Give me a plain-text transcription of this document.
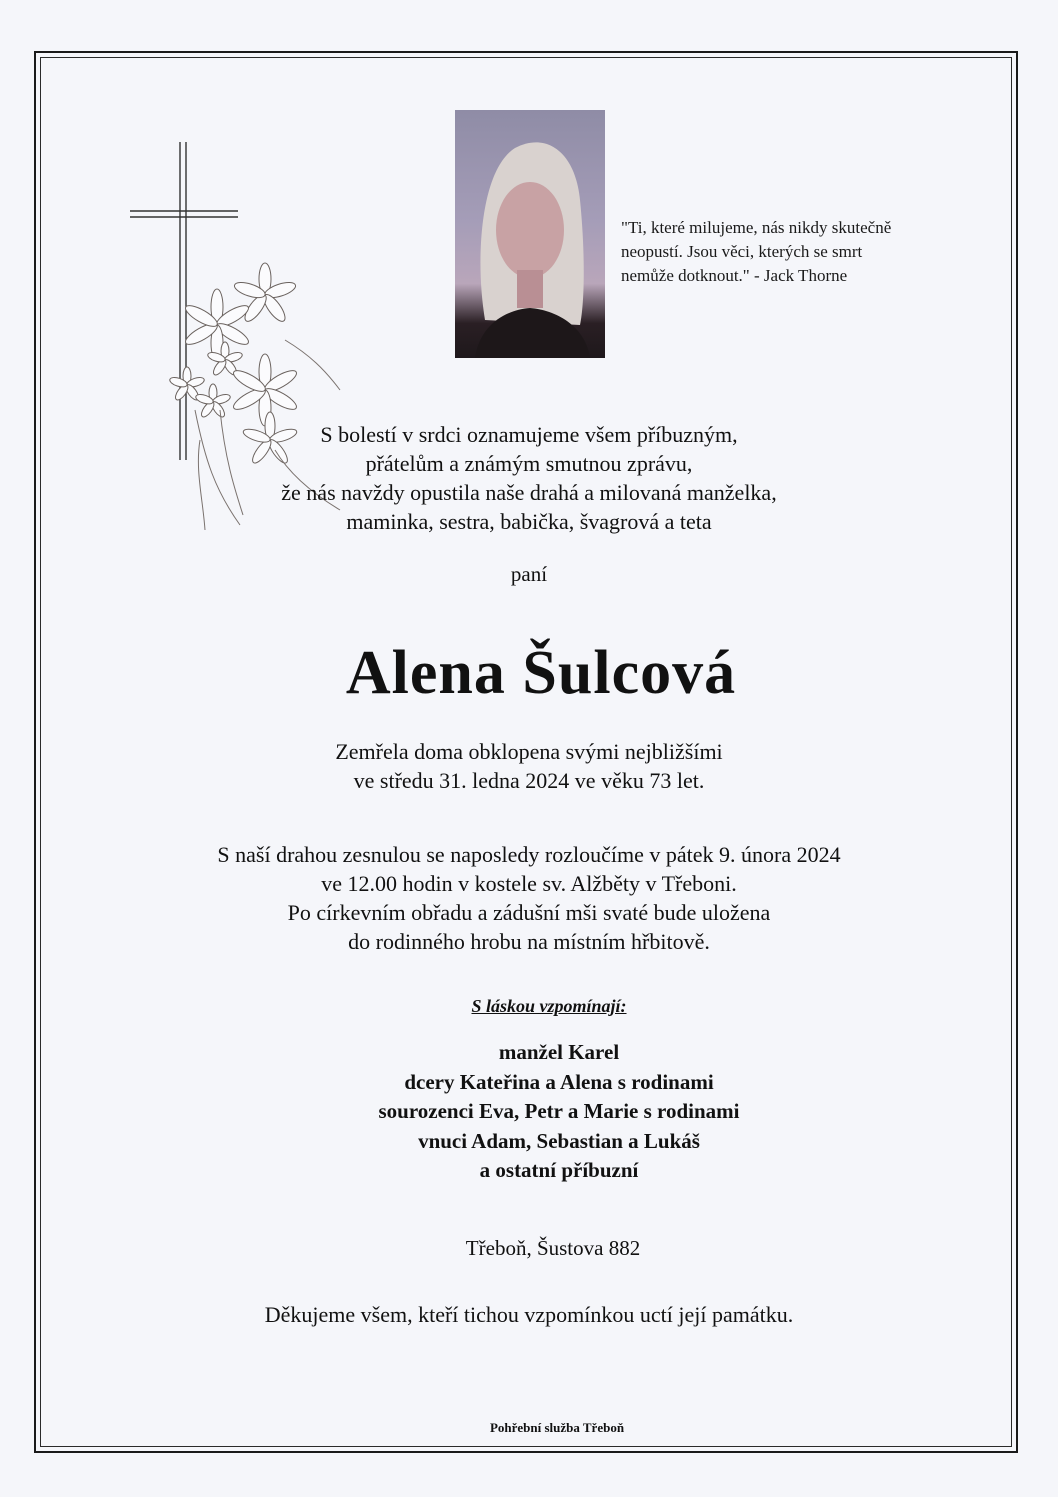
"Ti, které milujeme, nás nikdy skutečně
neopustí. Jsou věci, kterých se smrt
nemůže dotknout." - Jack Thorne
S bolestí v srdci oznamujeme všem příbuzným,
přátelům a známým smutnou zprávu,
že nás navždy opustila naše drahá a milovaná manželka,
maminka, sestra, babička, švagrová a teta
paní
Alena Šulcová
Zemřela doma obklopena svými nejbližšími
ve středu 31. ledna 2024 ve věku 73 let.
S naší drahou zesnulou se naposledy rozloučíme v pátek 9. února 2024
ve 12.00 hodin v kostele sv. Alžběty v Třeboni.
Po církevním obřadu a zádušní mši svaté bude uložena
do rodinného hrobu na místním hřbitově.
S láskou vzpomínají:
manžel Karel
dcery Kateřina a Alena s rodinami
sourozenci Eva, Petr a Marie s rodinami
vnuci Adam, Sebastian a Lukáš
a ostatní příbuzní
Třeboň, Šustova 882
Děkujeme všem, kteří tichou vzpomínkou uctí její památku.
Pohřební služba Třeboň
